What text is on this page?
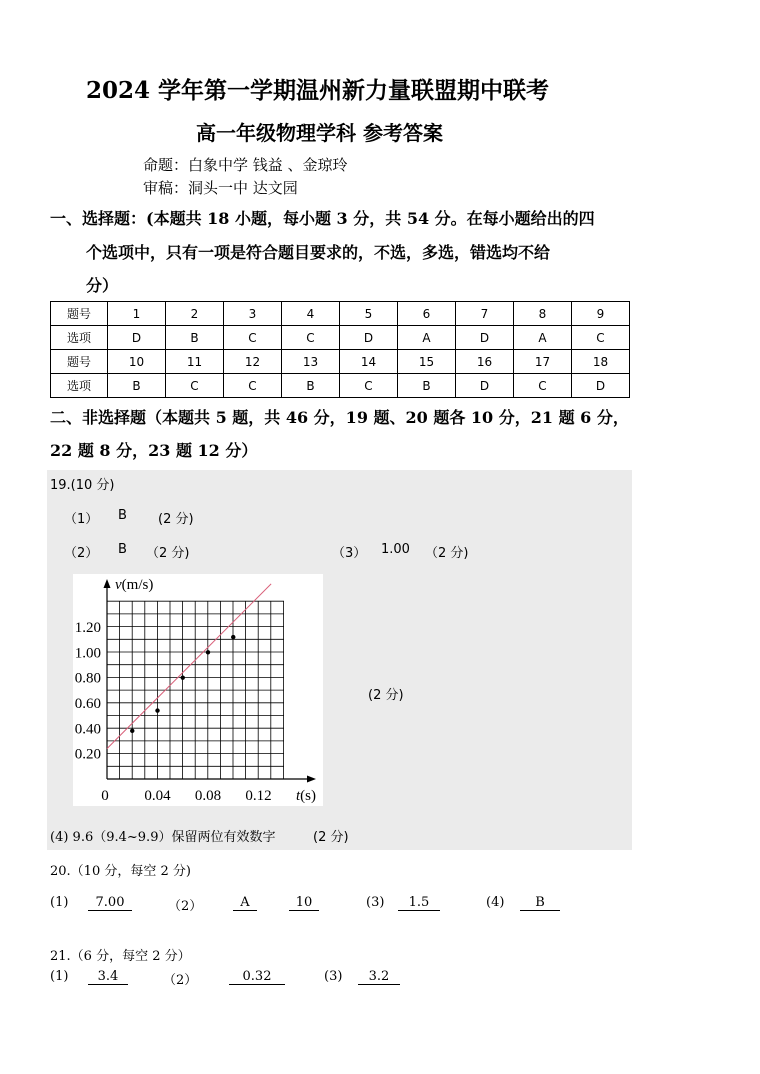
2024 学年第一学期温州新力量联盟期中联考
高一年级物理学科 参考答案
命题：白象中学 钱益 、金琼玲
审稿：洞头一中 达文园
一、选择题：(本题共 18 小题，每小题 3 分，共 54 分。在每小题给出的四
个选项中，只有一项是符合题目要求的，不选，多选，错选均不给
分）
题号	1	2	3	4	5	6	7	8	9
选项	D	B	C	C	D	A	D	A	C
题号	10	11	12	13	14	15	16	17	18
选项	B	C	C	B	C	B	D	C	D
二、非选择题（本题共 5 题，共 46 分，19 题、20 题各 10 分，21 题 6 分，
22 题 8 分，23 题 12 分）
19.(10 分)
（1） B (2 分)
（2） B （2 分)	（3） 1.00 （2 分)
0.20
0.40
0.60
0.80
1.00
1.20
0.04 0.08 0.12
0
v(m/s)
t(s)
(2 分)
(4) 9.6（9.4~9.9）保留两位有效数字	(2 分)
20.（10 分，每空 2 分)
(1)	7.00	（2）	A	10	(3)	1.5	(4)	B
21.（6 分，每空 2 分）
(1)	3.4	（2）	0.32	(3)	3.2
